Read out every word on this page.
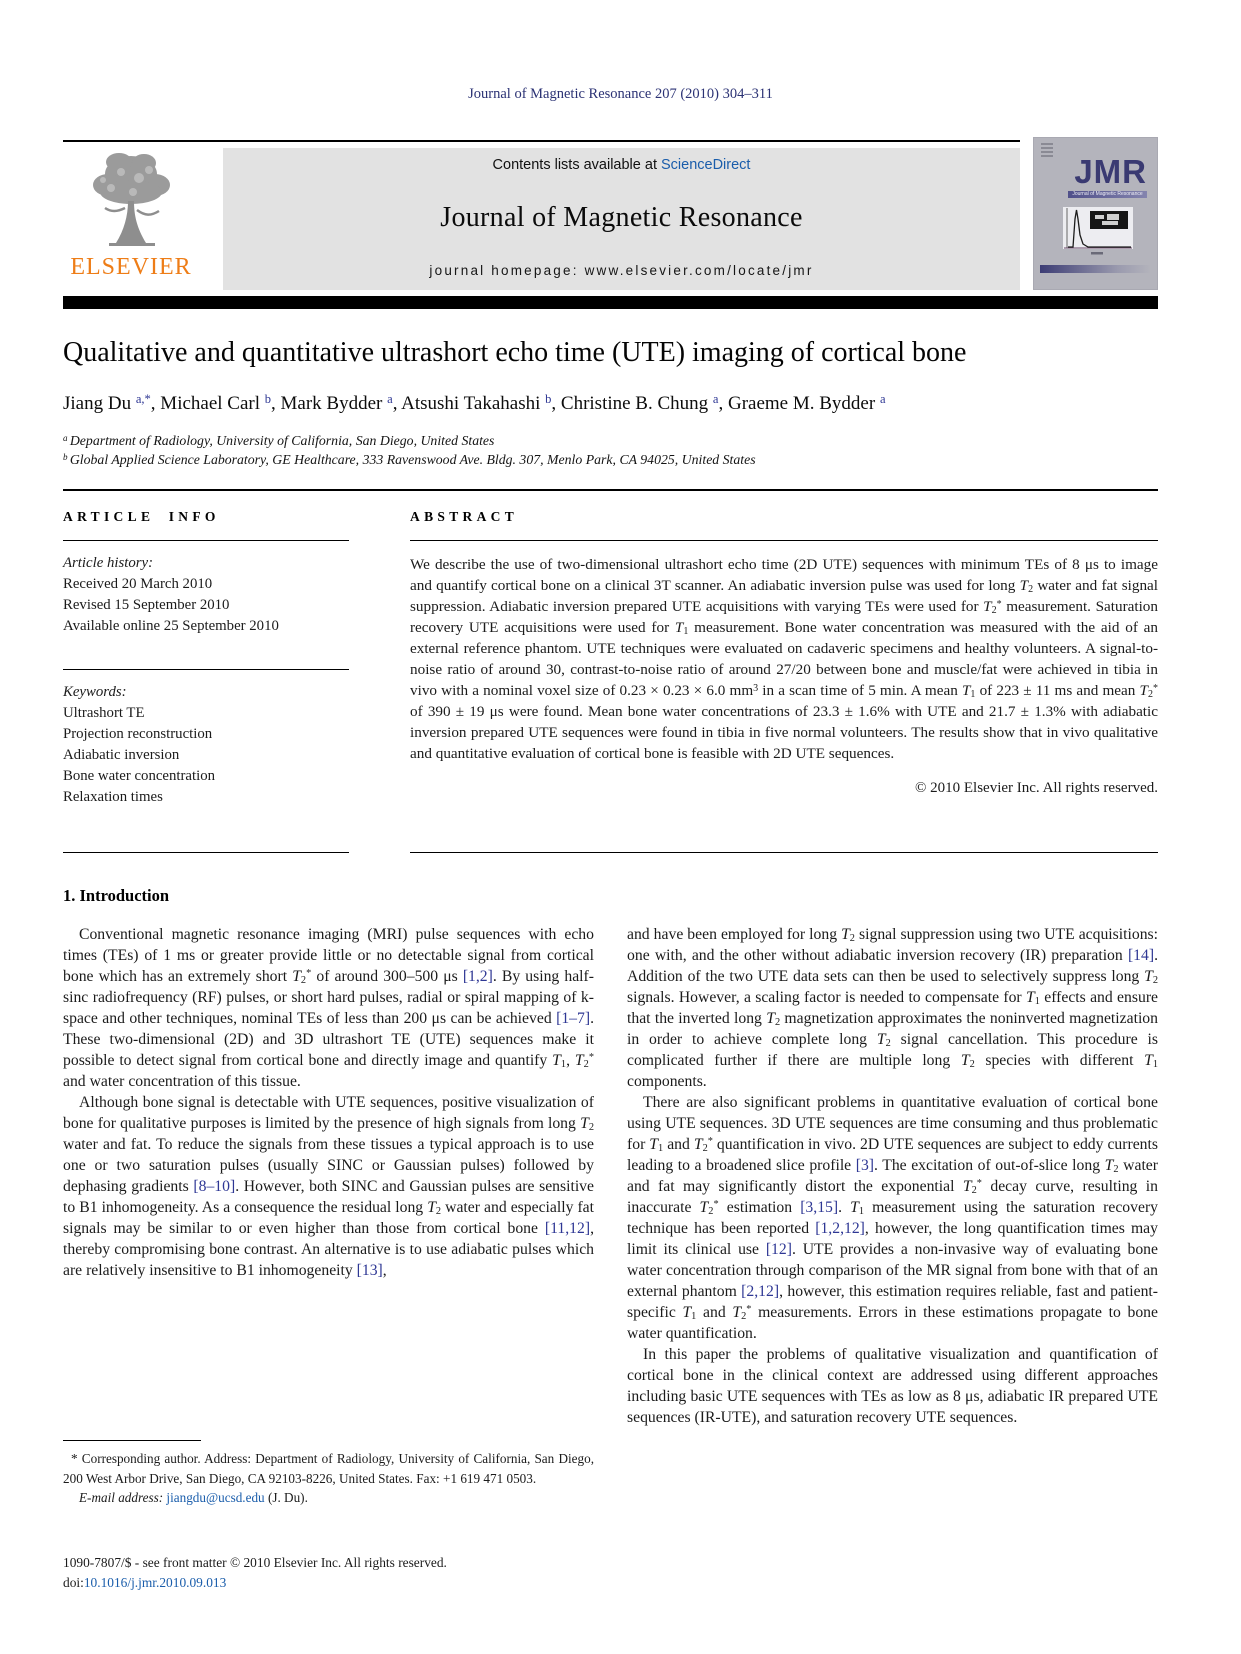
Journal of Magnetic Resonance 207 (2010) 304–311
ELSEVIER
Contents lists available at ScienceDirect
Journal of Magnetic Resonance
journal homepage: www.elsevier.com/locate/jmr
JMR
Journal of Magnetic Resonance
Qualitative and quantitative ultrashort echo time (UTE) imaging of cortical bone
Jiang Du $^{a,*}$, Michael Carl $^b$, Mark Bydder $^a$, Atsushi Takahashi $^b$, Christine B. Chung $^a$, Graeme M. Bydder $^a$
$^a$ Department of Radiology, University of California, San Diego, United States
$^b$ Global Applied Science Laboratory, GE Healthcare, 333 Ravenswood Ave. Bldg. 307, Menlo Park, CA 94025, United States
ARTICLE INFO
Article history:
Received 20 March 2010
Revised 15 September 2010
Available online 25 September 2010
Keywords:
Ultrashort TE
Projection reconstruction
Adiabatic inversion
Bone water concentration
Relaxation times
ABSTRACT
We describe the use of two-dimensional ultrashort echo time (2D UTE) sequences with minimum TEs of 8 μs to image and quantify cortical bone on a clinical 3T scanner. An adiabatic inversion pulse was used for long T2 water and fat signal suppression. Adiabatic inversion prepared UTE acquisitions with varying TEs were used for T2* measurement. Saturation recovery UTE acquisitions were used for T1 measurement. Bone water concentration was measured with the aid of an external reference phantom. UTE techniques were evaluated on cadaveric specimens and healthy volunteers. A signal-to-noise ratio of around 30, contrast-to-noise ratio of around 27/20 between bone and muscle/fat were achieved in tibia in vivo with a nominal voxel size of 0.23 × 0.23 × 6.0 $mm^3$ in a scan time of 5 min. A mean T1 of 223 ± 11 ms and mean T2* of 390 ± 19 μs were found. Mean bone water concentrations of 23.3 ± 1.6% with UTE and 21.7 ± 1.3% with adiabatic inversion prepared UTE sequences were found in tibia in five normal volunteers. The results show that in vivo qualitative and quantitative evaluation of cortical bone is feasible with 2D UTE sequences.
© 2010 Elsevier Inc. All rights reserved.
1. Introduction

Conventional magnetic resonance imaging (MRI) pulse sequences with echo times (TEs) of 1 ms or greater provide little or no detectable signal from cortical bone which has an extremely short T2* of around 300–500 μs [1,2]. By using half-sinc radiofrequency (RF) pulses, or short hard pulses, radial or spiral mapping of k-space and other techniques, nominal TEs of less than 200 μs can be achieved [1–7]. These two-dimensional (2D) and 3D ultrashort TE (UTE) sequences make it possible to detect signal from cortical bone and directly image and quantify T1, T2* and water concentration of this tissue.

Although bone signal is detectable with UTE sequences, positive visualization of bone for qualitative purposes is limited by the presence of high signals from long T2 water and fat. To reduce the signals from these tissues a typical approach is to use one or two saturation pulses (usually SINC or Gaussian pulses) followed by dephasing gradients [8–10]. However, both SINC and Gaussian pulses are sensitive to B1 inhomogeneity. As a consequence the residual long T2 water and especially fat signals may be similar to or even higher than those from cortical bone [11,12], thereby compromising bone contrast. An alternative is to use adiabatic pulses which are relatively insensitive to B1 inhomogeneity [13],

and have been employed for long T2 signal suppression using two UTE acquisitions: one with, and the other without adiabatic inversion recovery (IR) preparation [14]. Addition of the two UTE data sets can then be used to selectively suppress long T2 signals. However, a scaling factor is needed to compensate for T1 effects and ensure that the inverted long T2 magnetization approximates the noninverted magnetization in order to achieve complete long T2 signal cancellation. This procedure is complicated further if there are multiple long T2 species with different T1 components.

There are also significant problems in quantitative evaluation of cortical bone using UTE sequences. 3D UTE sequences are time consuming and thus problematic for T1 and T2* quantification in vivo. 2D UTE sequences are subject to eddy currents leading to a broadened slice profile [3]. The excitation of out-of-slice long T2 water and fat may significantly distort the exponential T2* decay curve, resulting in inaccurate T2* estimation [3,15]. T1 measurement using the saturation recovery technique has been reported [1,2,12], however, the long quantification times may limit its clinical use [12]. UTE provides a non-invasive way of evaluating bone water concentration through comparison of the MR signal from bone with that of an external phantom [2,12], however, this estimation requires reliable, fast and patient-specific T1 and T2* measurements. Errors in these estimations propagate to bone water quantification.

In this paper the problems of qualitative visualization and quantification of cortical bone in the clinical context are addressed using different approaches including basic UTE sequences with TEs as low as 8 μs, adiabatic IR prepared UTE sequences (IR-UTE), and saturation recovery UTE sequences.

* Corresponding author. Address: Department of Radiology, University of California, San Diego, 200 West Arbor Drive, San Diego, CA 92103-8226, United States. Fax: +1 619 471 0503.
E-mail address: jiangdu@ucsd.edu (J. Du).
1090-7807/$ - see front matter © 2010 Elsevier Inc. All rights reserved.
doi:10.1016/j.jmr.2010.09.013
